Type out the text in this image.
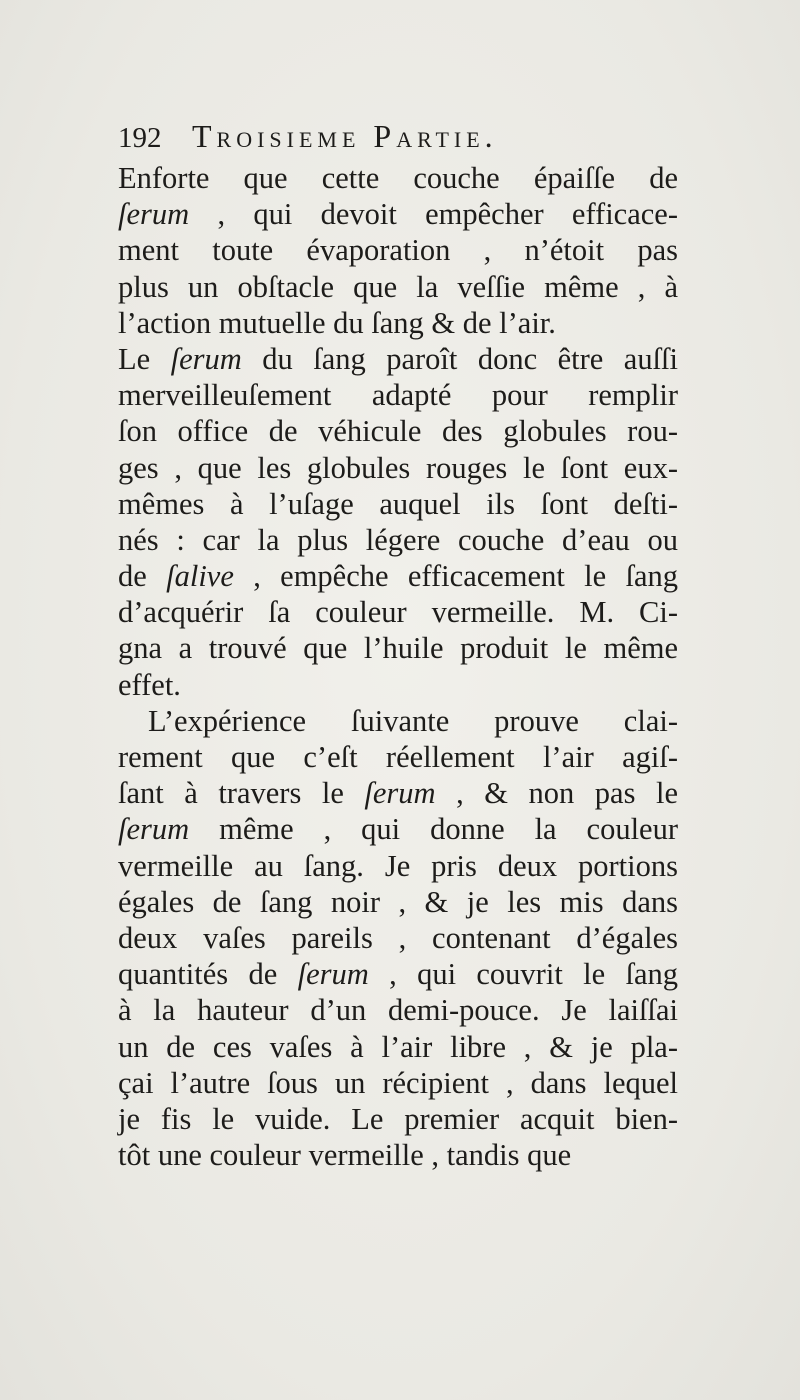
192 Troisieme Partie.
Enforte que cette couche épaiſſe de
ſerum , qui devoit empêcher efficace-
ment toute évaporation , n’étoit pas
plus un obſtacle que la veſſie même , à
l’action mutuelle du ſang & de l’air.
Le ſerum du ſang paroît donc être auſſi
merveilleuſement adapté pour remplir
ſon office de véhicule des globules rou-
ges , que les globules rouges le ſont eux-
mêmes à l’uſage auquel ils ſont deſti-
nés : car la plus légere couche d’eau ou
de ſalive , empêche efficacement le ſang
d’acquérir ſa couleur vermeille. M. Ci-
gna a trouvé que l’huile produit le même
effet.
L’expérience ſuivante prouve clai-
rement que c’eſt réellement l’air agiſ-
ſant à travers le ſerum , & non pas le
ſerum même , qui donne la couleur
vermeille au ſang. Je pris deux portions
égales de ſang noir , & je les mis dans
deux vaſes pareils , contenant d’égales
quantités de ſerum , qui couvrit le ſang
à la hauteur d’un demi-pouce. Je laiſſai
un de ces vaſes à l’air libre , & je pla-
çai l’autre ſous un récipient , dans lequel
je fis le vuide. Le premier acquit bien-
tôt une couleur vermeille , tandis que
